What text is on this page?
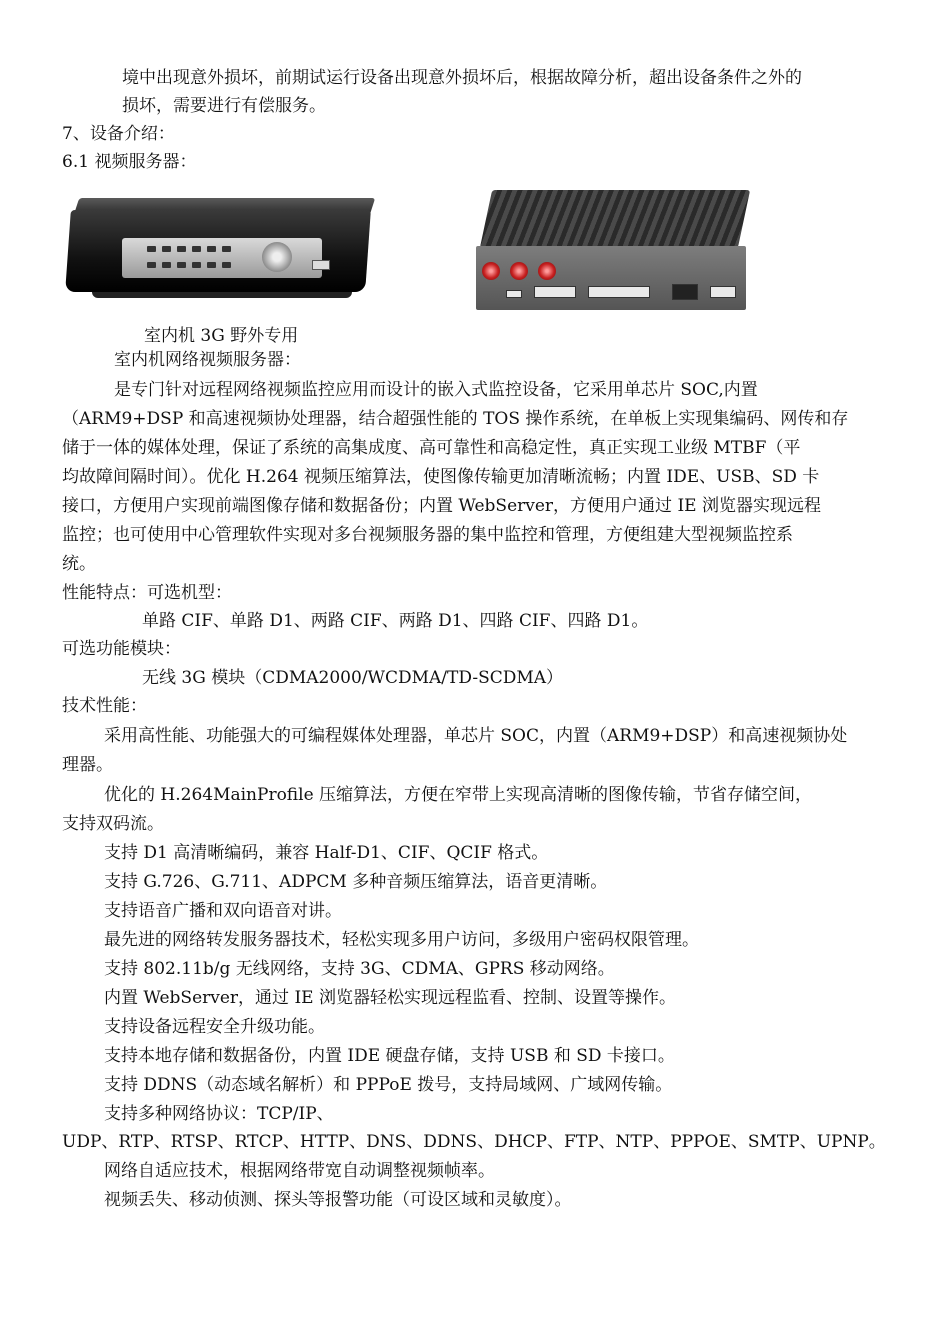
境中出现意外损坏，前期试运行设备出现意外损坏后，根据故障分析，超出设备条件之外的
损坏，需要进行有偿服务。
7、设备介绍：
6.1 视频服务器：
室内机 3G 野外专用
室内机网络视频服务器：
是专门针对远程网络视频监控应用而设计的嵌入式监控设备，它采用单芯片 SOC,内置
（ARM9+DSP 和高速视频协处理器，结合超强性能的 TOS 操作系统，在单板上实现集编码、网传和存
储于一体的媒体处理，保证了系统的高集成度、高可靠性和高稳定性，真正实现工业级 MTBF（平
均故障间隔时间）。优化 H.264 视频压缩算法，使图像传输更加清晰流畅；内置 IDE、USB、SD 卡
接口，方便用户实现前端图像存储和数据备份；内置 WebServer，方便用户通过 IE 浏览器实现远程
监控；也可使用中心管理软件实现对多台视频服务器的集中监控和管理，方便组建大型视频监控系
统。
性能特点：可选机型：
单路 CIF、单路 D1、两路 CIF、两路 D1、四路 CIF、四路 D1。
可选功能模块：
无线 3G 模块（CDMA2000/WCDMA/TD-SCDMA）
技术性能：
采用高性能、功能强大的可编程媒体处理器，单芯片 SOC，内置（ARM9+DSP）和高速视频协处
理器。
优化的 H.264MainProfile 压缩算法，方便在窄带上实现高清晰的图像传输，节省存储空间，
支持双码流。
支持 D1 高清晰编码，兼容 Half-D1、CIF、QCIF 格式。
支持 G.726、G.711、ADPCM 多种音频压缩算法，语音更清晰。
支持语音广播和双向语音对讲。
最先进的网络转发服务器技术，轻松实现多用户访问，多级用户密码权限管理。
支持 802.11b/g 无线网络，支持 3G、CDMA、GPRS 移动网络。
内置 WebServer，通过 IE 浏览器轻松实现远程监看、控制、设置等操作。
支持设备远程安全升级功能。
支持本地存储和数据备份，内置 IDE 硬盘存储，支持 USB 和 SD 卡接口。
支持 DDNS（动态域名解析）和 PPPoE 拨号，支持局域网、广域网传输。
支持多种网络协议：TCP/IP、
UDP、RTP、RTSP、RTCP、HTTP、DNS、DDNS、DHCP、FTP、NTP、PPPOE、SMTP、UPNP。
网络自适应技术，根据网络带宽自动调整视频帧率。
视频丢失、移动侦测、探头等报警功能（可设区域和灵敏度）。
